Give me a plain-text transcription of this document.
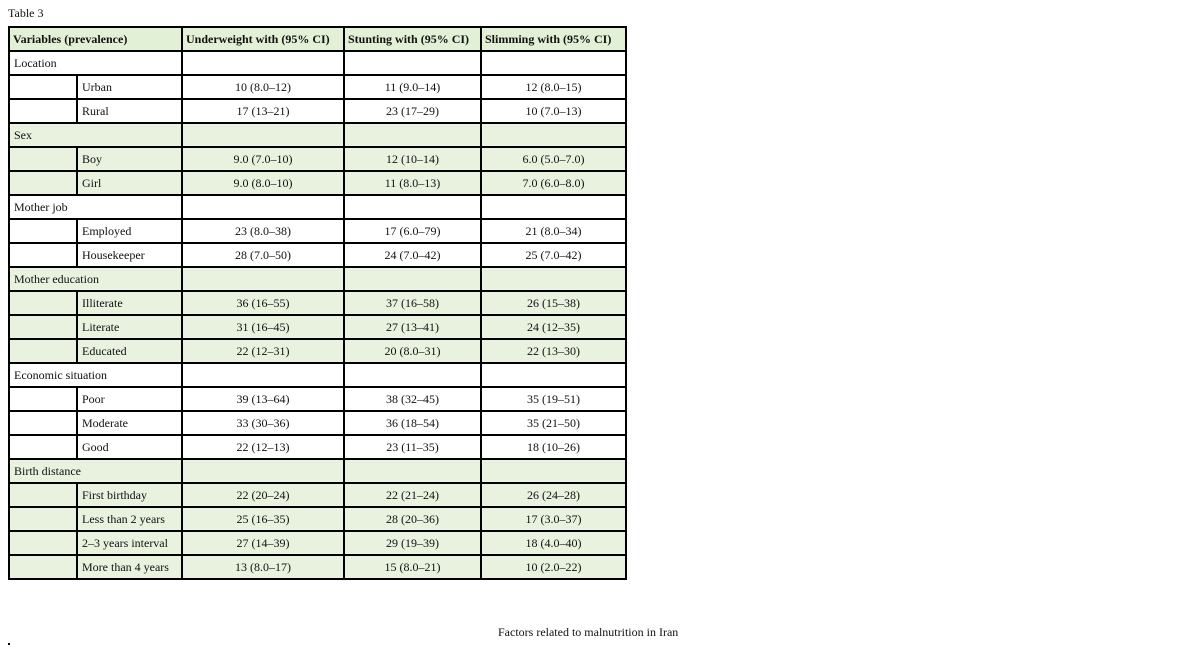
Table 3
Variables (prevalence)		Underweight with (95% CI)	Stunting with (95% CI)	Slimming with (95% CI)
Location				
	Urban	10 (8.0–12)	11 (9.0–14)	12 (8.0–15)
	Rural	17 (13–21)	23 (17–29)	10 (7.0–13)
Sex				
	Boy	9.0 (7.0–10)	12 (10–14)	6.0 (5.0–7.0)
	Girl	9.0 (8.0–10)	11 (8.0–13)	7.0 (6.0–8.0)
Mother job				
	Employed	23 (8.0–38)	17 (6.0–79)	21 (8.0–34)
	Housekeeper	28 (7.0–50)	24 (7.0–42)	25 (7.0–42)
Mother education				
	Illiterate	36 (16–55)	37 (16–58)	26 (15–38)
	Literate	31 (16–45)	27 (13–41)	24 (12–35)
	Educated	22 (12–31)	20 (8.0–31)	22 (13–30)
Economic situation				
	Poor	39 (13–64)	38 (32–45)	35 (19–51)
	Moderate	33 (30–36)	36 (18–54)	35 (21–50)
	Good	22 (12–13)	23 (11–35)	18 (10–26)
Birth distance				
	First birthday	22 (20–24)	22 (21–24)	26 (24–28)
	Less than 2 years	25 (16–35)	28 (20–36)	17 (3.0–37)
	2–3 years interval	27 (14–39)	29 (19–39)	18 (4.0–40)
	More than 4 years	13 (8.0–17)	15 (8.0–21)	10 (2.0–22)
Factors related to malnutrition in Iran
